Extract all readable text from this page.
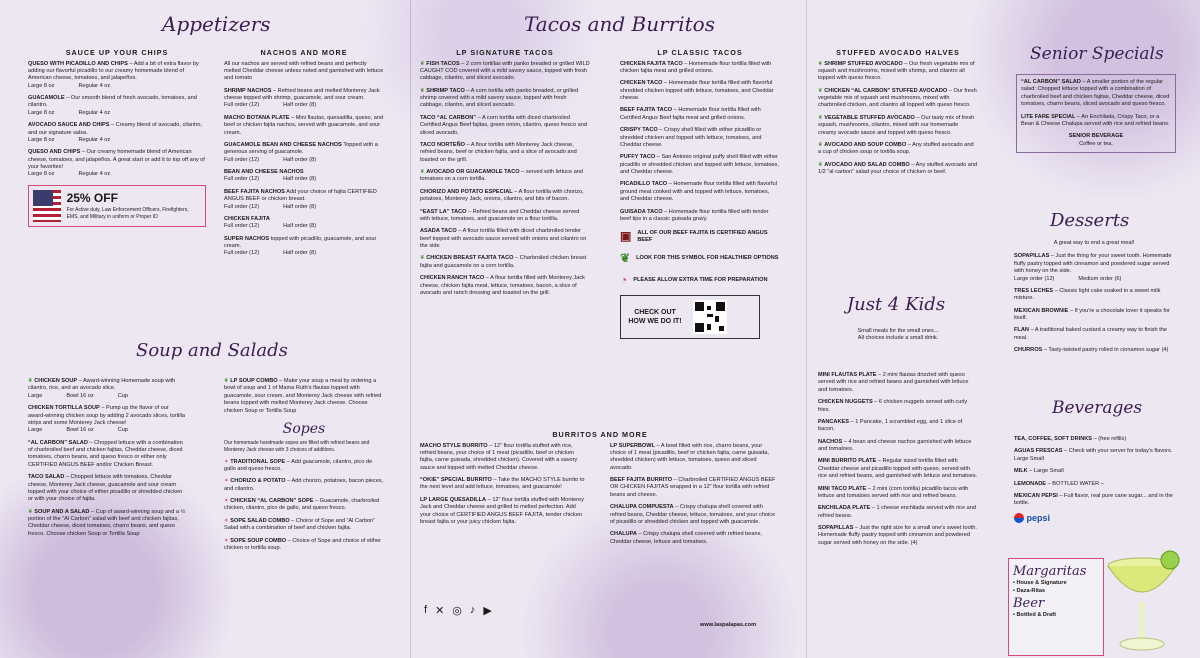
Appetizers
SAUCE UP YOUR CHIPS
QUESO WITH PICADILLO AND CHIPS – Add a bit of extra flavor by adding our flavorful picadillo to our creamy homemade blend of American cheese, tomatoes, and jalapeños.
Large 8 oz	Regular 4 oz
GUACAMOLE – Our smooth blend of fresh avocado, tomatoes, and cilantro.
Large 8 oz	Regular 4 oz
AVOCADO SAUCE AND CHIPS – Creamy blend of avocado, cilantro, and our signature salsa.
Large 8 oz	Regular 4 oz
QUESO AND CHIPS – Our creamy homemade blend of American cheese, tomatoes, and jalapeños. A great start or add it to top off any of your favorites!
Large 8 oz	Regular 4 oz
25% OFF
For Active duty, Law Enforcement Officers, Firefighters, EMS, and Military in uniform or Proper ID
NACHOS AND MORE
All our nachos are served with refried beans and perfectly melted Cheddar cheese unless noted and garnished with lettuce and tomato
SHRIMP NACHOS – Refried beans and melted Monterey Jack cheese topped with shrimp, guacamole, and sour cream.
Full order (12)	Half order (8)
MACHO BOTANA PLATE – Mini flautas, quesadilla, queso, and beef or chicken fajita nachos, served with guacamole, and sour cream.
GUACAMOLE BEAN AND CHEESE NACHOS Topped with a generous serving of guacamole.
Full order (12)	Half order (8)
BEAN AND CHEESE NACHOS
Full order (12)	Half order (8)
BEEF FAJITA NACHOS Add your choice of fajita CERTIFIED ANGUS BEEF or chicken breast.
Full order (12)	Half order (8)
CHICKEN FAJITA
Full order (12)	Half order (8)
SUPER NACHOS topped with picadillo, guacamole, and sour cream.
Full order (12)	Half order (8)
Soup and Salads
❦ CHICKEN SOUP – Award-winning Homemade soup with cilantro, rice, and an avocado slice.
Large	Bowl 16 oz	Cup
CHICKEN TORTILLA SOUP – Pump up the flavor of our award-winning chicken soup by adding 2 avocado slices, tortilla strips and some Monterey Jack cheese!
Large	Bowl 16 oz	Cup
“AL CARBON” SALAD – Chopped lettuce with a combination of charbroiled beef and chicken fajitas, Cheddar cheese, diced tomatoes, charro beans, and queso fresco or either only CERTIFIED ANGUS BEEF and/or Chicken Breast.
TACO SALAD – Chopped lettuce with tomatoes, Cheddar cheese, Monterey Jack cheese, guacamole and sour cream topped with your choice of either picadillo or shredded chicken or with your choice of fajita.
❦ SOUP AND A SALAD – Cup of award-winning soup and a ½ portion of the “Al Carbon” salad with beef and chicken fajitas, Cheddar cheese, diced tomatoes, charro beans, and queso fresco. Choose chicken Soup or Tortilla Soup
❦ LP SOUP COMBO – Make your soup a meal by ordering a bowl of soup and 1 of Mama Ruth's flautas topped with guacamole, sour cream, and Monterey Jack cheese with refried beans topped with melted Monterey Jack cheese. Choose chicken Soup or Tortilla Soup
Sopes
Our homemade handmade sopes are filled with refried beans and Monterey Jack cheese with 3 choices of additions.
✦ TRADITIONAL SOPE – Add guacamole, cilantro, pico de gallo and queso fresco.
✦ CHORIZO & POTATO – Add chorizo, potatoes, bacon pieces, and cilantro.
✦ CHICKEN “AL CARBON” SOPE – Guacamole, charbroiled chicken, cilantro, pico de gallo, and queso fresco.
✦ SOPE SALAD COMBO – Choice of Sope and “Al Carbon” Salad with a combination of beef and chicken fajita.
✦ SOPE SOUP COMBO – Choice of Sope and choice of either chicken or tortilla soup.
Tacos and Burritos
LP SIGNATURE TACOS
❦ FISH TACOS – 2 corn tortillas with panko breaded or grilled WILD CAUGHT COD covered with a mild savory sauce, topped with fresh cabbage, cilantro, and sliced avocado.
❦ SHRIMP TACO – A corn tortilla with panko breaded, or grilled shrimp covered with a mild savory sauce, topped with fresh cabbage, cilantro, and sliced avocado.
TACO “AL CARBON” – A corn tortilla with diced charbroiled Certified Angus Beef fajitas, green onion, cilantro, queso fresco and sliced avocado.
TACO NORTEÑO – A flour tortilla with Monterey Jack cheese, refried beans, beef or chicken fajita, and a slice of avocado and toasted on the grill.
❦ AVOCADO OR GUACAMOLE TACO – served with lettuce and tomatoes on a corn tortilla.
CHORIZO AND POTATO ESPECIAL – A flour tortilla with chorizo, potatoes, Monterey Jack, onions, cilantro, and bits of bacon.
“EAST LA” TACO – Refried beans and Cheddar cheese served with lettuce, tomatoes, and guacamole on a flour tortilla.
ASADA TACO – A flour tortilla filled with diced charbroiled tender beef topped with avocado sauce served with onions and cilantro on the side
❦ CHICKEN BREAST FAJITA TACO – Charbroiled chicken breast fajita and guacamole on a corn tortilla.
CHICKEN RANCH TACO – A flour tortilla filled with Monterey Jack cheese, chicken fajita meat, lettuce, tomatoes, bacon, a slice of avocado and ranch dressing and toasted on the grill.
LP CLASSIC TACOS
CHICKEN FAJITA TACO – Homemade flour tortilla filled with chicken fajita meat and grilled onions.
CHICKEN TACO – Homemade flour tortilla filled with flavorful shredded chicken topped with lettuce, tomatoes, and Cheddar cheese.
BEEF FAJITA TACO – Homemade flour tortilla filled with Certified Angus Beef fajita meat and grilled onions.
CRISPY TACO – Crispy shell filled with either picadillo or shredded chicken and topped with lettuce, tomatoes, and Cheddar cheese.
PUFFY TACO – San Antonio original puffy shell filled with either picadillo or shredded chicken and topped with lettuce, tomatoes, and Cheddar cheese.
PICADILLO TACO – Homemade flour tortilla filled with flavorful ground meat cooked with and topped with lettuce, tomatoes, and Cheddar cheese.
GUISADA TACO – Homemade flour tortilla filled with tender beef tips in a classic guisada gravy.
▣ ALL OF OUR BEEF FAJITA IS CERTIFIED ANGUS BEEF
❦ LOOK FOR THIS SYMBOL FOR HEALTHIER OPTIONS
◔ PLEASE ALLOW EXTRA TIME FOR PREPARATION
CHECK OUT HOW WE DO IT!
BURRITOS AND MORE
MACHO STYLE BURRITO – 12” flour tortilla stuffed with rice, refried beans, your choice of 1 meat (picadillo, beef or chicken fajita, carne guisada, shredded chicken). Covered with a savory sauce and topped with melted Cheddar cheese.
“OKIE” SPECIAL BURRITO – Take the MACHO STYLE burrito to the next level and add lettuce, tomatoes, and guacamole!
LP LARGE QUESADILLA – 12” flour tortilla stuffed with Monterey Jack and Cheddar cheese and grilled to melted perfection. Add your choice of CERTIFIED ANGUS BEEF FAJITA, tender chicken breast fajita or your juicy chicken fajita.
LP SUPERBOWL – A bowl filled with rice, charro beans, your choice of 1 meat (picadillo, beef or chicken fajita, carne guisada, shredded chicken) with lettuce, tomatoes, queso and sliced avocado.
BEEF FAJITA BURRITO – Charbroiled CERTIFIED ANGUS BEEF OR CHICKEN FAJITAS wrapped in a 12” flour tortilla with refried beans and cheese.
CHALUPA COMPUESTA – Crispy chalupa shell covered with refried beans, Cheddar cheese, lettuce, tomatoes, and your choice of picadillo or shredded chicken and topped with guacamole.
CHALUPA – Crispy chalupa shell covered with refried beans, Cheddar cheese, lettuce and tomatoes.
f ✕ ◎ ♪ ▶
www.laspalapas.com
STUFFED AVOCADO HALVES
❦ SHRIMP STUFFED AVOCADO – Our fresh vegetable mix of squash and mushrooms, mixed with shrimp, and cilantro all topped with queso fresco.
❦ CHICKEN “AL CARBON” STUFFED AVOCADO – Our fresh vegetable mix of squash and mushrooms, mixed with charbroiled chicken, and cilantro all topped with queso fresco.
❦ VEGETABLE STUFFED AVOCADO – Our tasty mix of fresh squash, mushrooms, cilantro, mixed with our homemade creamy avocado sauce and topped with queso fresco.
❦ AVOCADO AND SOUP COMBO – Any stuffed avocado and a cup of chicken soup or tortilla soup.
❦ AVOCADO AND SALAD COMBO – Any stuffed avocado and 1/2 “al carbon” salad your choice of chicken or beef.
Just 4 Kids
Small meals for the small ones...
All choices include a small drink.
MINI FLAUTAS PLATE – 2 mini flautas drizzled with queso served with rice and refried beans and garnished with lettuce and tomatoes.
CHICKEN NUGGETS – 6 chicken nuggets served with curly fries.
PANCAKES – 1 Pancake, 1 scrambled egg, and 1 slice of bacon.
NACHOS – 4 bean and cheese nachos garnished with lettuce and tomatoes.
MINI BURRITO PLATE – Regular sized tortilla filled with Cheddar cheese and picadillo topped with queso, served with rice and refried beans, and garnished with lettuce and tomatoes.
MINI TACO PLATE – 2 mini (corn tortilla) picadillo tacos with lettuce and tomatoes served with rice and refried beans.
ENCHILADA PLATE – 1 cheese enchilada served with rice and refried beans.
SOPAPILLAS – Just the right size for a small one's sweet tooth. Homemade fluffy pastry topped with cinnamon and powdered sugar served with honey on the side. (4)
Senior Specials
“AL CARBON” SALAD – A smaller portion of the regular salad: Chopped lettuce topped with a combination of charbroiled beef and chicken fajitas, Cheddar cheese, diced tomatoes, charro beans, sliced avocado and queso fresco.
LITE FARE SPECIAL – An Enchilada, Crispy Taco, or a Bean & Cheese Chalupa served with rice and refried beans.
SENIOR BEVERAGE
Coffee or tea.
Desserts
A great way to end a great meal!
SOPAPILLAS – Just the thing for your sweet tooth. Homemade fluffy pastry topped with cinnamon and powdered sugar served with honey on the side.
Large order (12)	Medium order (6)
TRES LECHES – Classic light cake soaked in a sweet milk mixture.
MEXICAN BROWNIE – If you're a chocolate lover it speaks for itself.
FLAN – A traditional baked custard a creamy way to finish the meal.
CHURROS – Tasty-twisted pastry rolled in cinnamon sugar (4)
Beverages
TEA, COFFEE, SOFT DRINKS – (free refills)
AGUAS FRESCAS – Check with your server for today's flavors. Large Small
MILK – Large Small
LEMONADE – BOTTLED WATER –
MEXICAN PEPSI – Full flavor, real pure cane sugar... and in the bottle.
pepsi
Margaritas
• House & Signature
• Daza-Ritas
Beer
• Bottled & Draft
